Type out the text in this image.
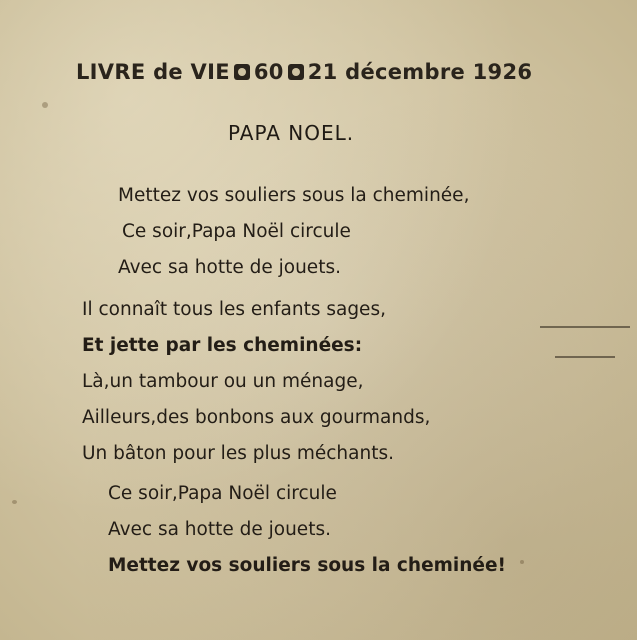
LIVRE de VIE 60 21 décembre 1926
PAPA NOEL.
Mettez vos souliers sous la cheminée,
Ce soir,Papa Noël circule
Avec sa hotte de jouets.
Il connaît tous les enfants sages,
Et jette par les cheminées:
Là,un tambour ou un ménage,
Ailleurs,des bonbons aux gourmands,
Un bâton pour les plus méchants.
Ce soir,Papa Noël circule
Avec sa hotte de jouets.
Mettez vos souliers sous la cheminée!
